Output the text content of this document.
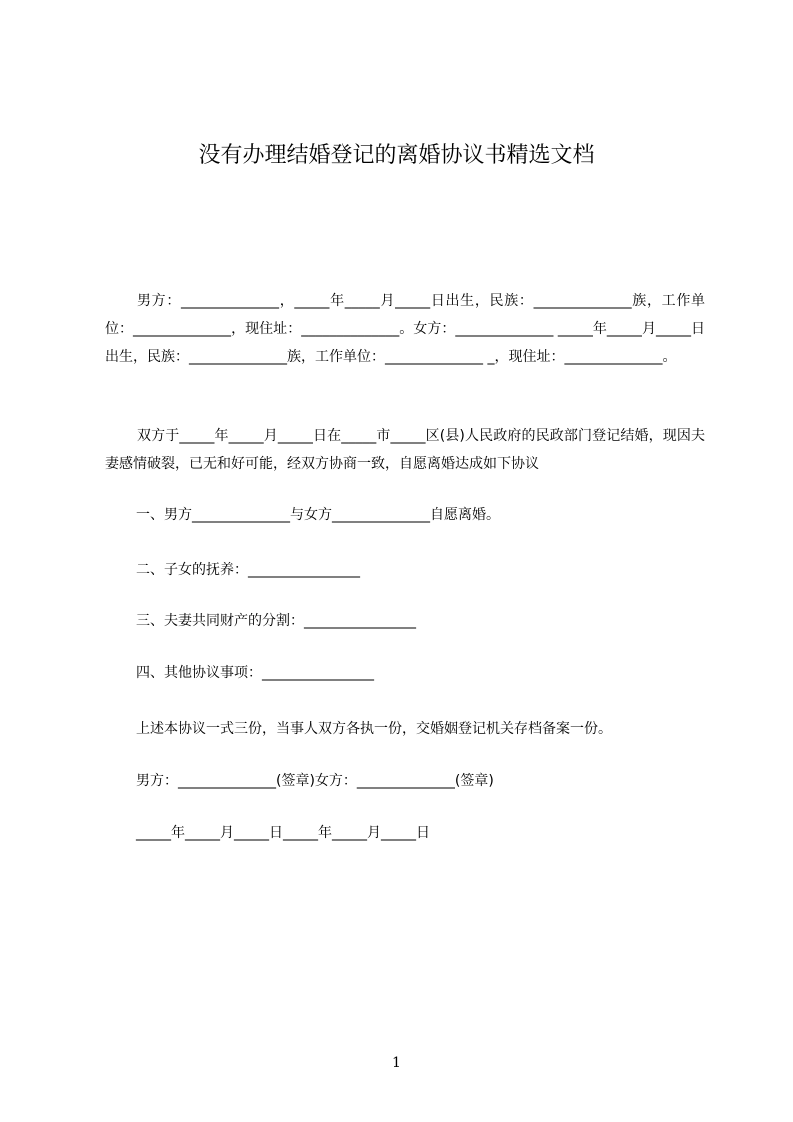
没有办理结婚登记的离婚协议书精选文档

男方：______________，_____年_____月_____日出生，民族：______________族，工作单位：______________，现住址：______________。女方：______________ _____年_____月_____日出生，民族：______________族，工作单位：______________ _，现住址：______________。

双方于_____年_____月_____日在_____市_____区(县)人民政府的民政部门登记结婚，现因夫妻感情破裂，已无和好可能，经双方协商一致，自愿离婚达成如下协议

一、男方______________与女方______________自愿离婚。

二、子女的抚养：________________

三、夫妻共同财产的分割：________________

四、其他协议事项：________________

上述本协议一式三份，当事人双方各执一份，交婚姻登记机关存档备案一份。

男方：______________(签章)女方：______________(签章)

_____年_____月_____日_____年_____月_____日

1
